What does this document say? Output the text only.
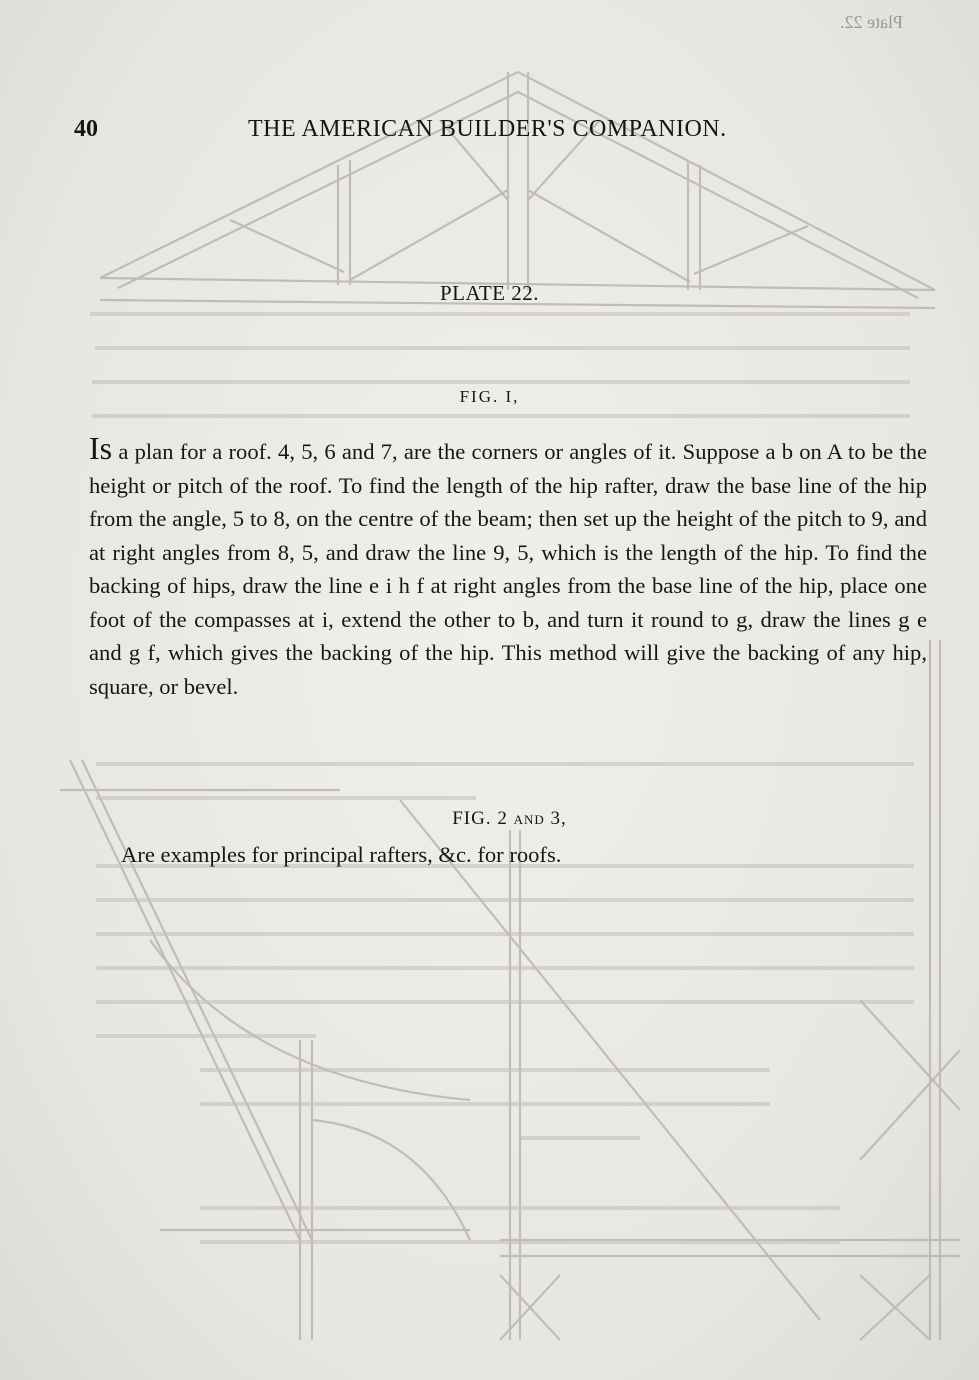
Plate 22.
40	THE AMERICAN BUILDER'S COMPANION.
PLATE 22.
FIG. I,

Is a plan for a roof. 4, 5, 6 and 7, are the corners or angles of it. Suppose a b on A to be the height or pitch of the roof. To find the length of the hip rafter, draw the base line of the hip from the angle, 5 to 8, on the centre of the beam; then set up the height of the pitch to 9, and at right angles from 8, 5, and draw the line 9, 5, which is the length of the hip. To find the backing of hips, draw the line e i h f at right angles from the base line of the hip, place one foot of the compasses at i, extend the other to b, and turn it round to g, draw the lines g e and g f, which gives the backing of the hip. This method will give the backing of any hip, square, or bevel.

FIG. 2 and 3,

Are examples for principal rafters, &c. for roofs.
